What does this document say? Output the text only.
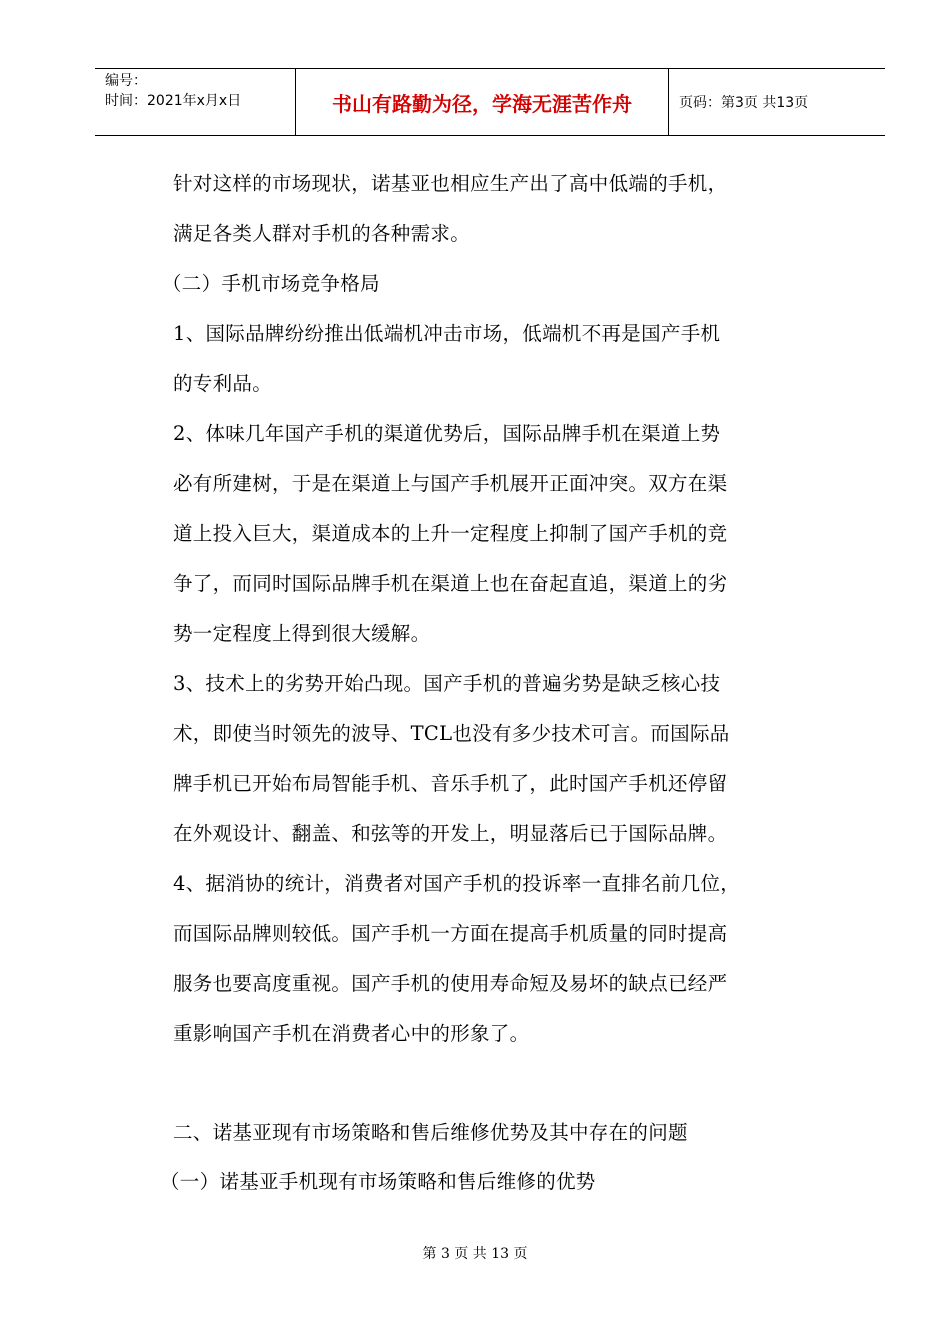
编号：
时间：2021年x月x日	书山有路勤为径，学海无涯苦作舟	页码：第3页 共13页
针对这样的市场现状，诺基亚也相应生产出了高中低端的手机，
满足各类人群对手机的各种需求。
（二）手机市场竞争格局
1、国际品牌纷纷推出低端机冲击市场，低端机不再是国产手机
的专利品。
2、体味几年国产手机的渠道优势后，国际品牌手机在渠道上势
必有所建树，于是在渠道上与国产手机展开正面冲突。双方在渠
道上投入巨大，渠道成本的上升一定程度上抑制了国产手机的竞
争了，而同时国际品牌手机在渠道上也在奋起直追，渠道上的劣
势一定程度上得到很大缓解。
3、技术上的劣势开始凸现。国产手机的普遍劣势是缺乏核心技
术，即使当时领先的波导、TCL也没有多少技术可言。而国际品
牌手机已开始布局智能手机、音乐手机了，此时国产手机还停留
在外观设计、翻盖、和弦等的开发上，明显落后已于国际品牌。
4、据消协的统计，消费者对国产手机的投诉率一直排名前几位，
而国际品牌则较低。国产手机一方面在提高手机质量的同时提高
服务也要高度重视。国产手机的使用寿命短及易坏的缺点已经严
重影响国产手机在消费者心中的形象了。
二、诺基亚现有市场策略和售后维修优势及其中存在的问题
（一）诺基亚手机现有市场策略和售后维修的优势
第 3 页 共 13 页
